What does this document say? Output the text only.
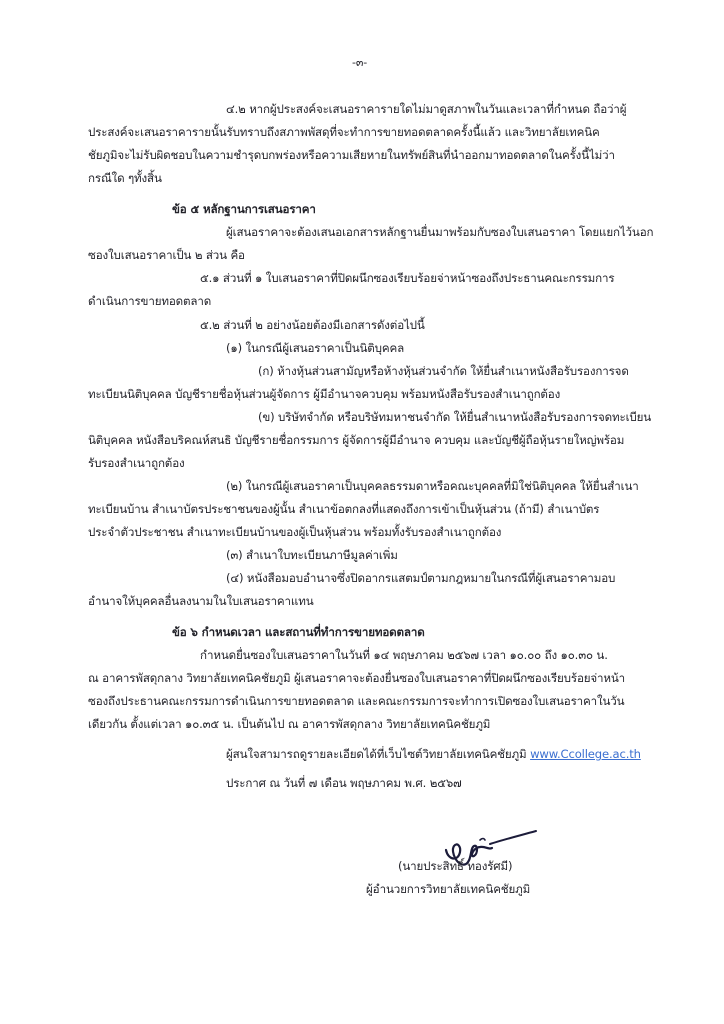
-๓-
๔.๒ หากผู้ประสงค์จะเสนอราคารายใดไม่มาดูสภาพในวันและเวลาที่กำหนด ถือว่าผู้
ประสงค์จะเสนอราคารายนั้นรับทราบถึงสภาพพัสดุที่จะทำการขายทอดตลาดครั้งนี้แล้ว และวิทยาลัยเทคนิค
ชัยภูมิจะไม่รับผิดชอบในความชำรุดบกพร่องหรือความเสียหายในทรัพย์สินที่นำออกมาทอดตลาดในครั้งนี้ไม่ว่า
กรณีใด ๆทั้งสิ้น
ข้อ ๕ หลักฐานการเสนอราคา
ผู้เสนอราคาจะต้องเสนอเอกสารหลักฐานยื่นมาพร้อมกับซองใบเสนอราคา โดยแยกไว้นอก
ซองใบเสนอราคาเป็น ๒ ส่วน คือ
๕.๑ ส่วนที่ ๑ ใบเสนอราคาที่ปิดผนึกซองเรียบร้อยจ่าหน้าซองถึงประธานคณะกรรมการ
ดำเนินการขายทอดตลาด
๕.๒ ส่วนที่ ๒ อย่างน้อยต้องมีเอกสารดังต่อไปนี้
(๑) ในกรณีผู้เสนอราคาเป็นนิติบุคคล
(ก) ห้างหุ้นส่วนสามัญหรือห้างหุ้นส่วนจำกัด ให้ยื่นสำเนาหนังสือรับรองการจด
ทะเบียนนิติบุคคล บัญชีรายชื่อหุ้นส่วนผู้จัดการ ผู้มีอำนาจควบคุม พร้อมหนังสือรับรองสำเนาถูกต้อง
(ข) บริษัทจำกัด หรือบริษัทมหาชนจำกัด ให้ยื่นสำเนาหนังสือรับรองการจดทะเบียน
นิติบุคคล หนังสือบริคณห์สนธิ บัญชีรายชื่อกรรมการ ผู้จัดการผู้มีอำนาจ ควบคุม และบัญชีผู้ถือหุ้นรายใหญ่พร้อม
รับรองสำเนาถูกต้อง
(๒) ในกรณีผู้เสนอราคาเป็นบุคคลธรรมดาหรือคณะบุคคลที่มิใช่นิติบุคคล ให้ยื่นสำเนา
ทะเบียนบ้าน สำเนาบัตรประชาชนของผู้นั้น สำเนาข้อตกลงที่แสดงถึงการเข้าเป็นหุ้นส่วน (ถ้ามี) สำเนาบัตร
ประจำตัวประชาชน สำเนาทะเบียนบ้านของผู้เป็นหุ้นส่วน พร้อมทั้งรับรองสำเนาถูกต้อง
(๓) สำเนาใบทะเบียนภาษีมูลค่าเพิ่ม
(๔) หนังสือมอบอำนาจซึ่งปิดอากรแสตมป์ตามกฎหมายในกรณีที่ผู้เสนอราคามอบ
อำนาจให้บุคคลอื่นลงนามในใบเสนอราคาแทน
ข้อ ๖ กำหนดเวลา และสถานที่ทำการขายทอดตลาด
กำหนดยื่นซองใบเสนอราคาในวันที่ ๑๔ พฤษภาคม ๒๕๖๗ เวลา ๑๐.๐๐ ถึง ๑๐.๓๐ น.
ณ อาคารพัสดุกลาง วิทยาลัยเทคนิคชัยภูมิ ผู้เสนอราคาจะต้องยื่นซองใบเสนอราคาที่ปิดผนึกซองเรียบร้อยจ่าหน้า
ซองถึงประธานคณะกรรมการดำเนินการขายทอดตลาด และคณะกรรมการจะทำการเปิดซองใบเสนอราคาในวัน
เดียวกัน ตั้งแต่เวลา ๑๐.๓๕ น. เป็นต้นไป ณ อาคารพัสดุกลาง วิทยาลัยเทคนิคชัยภูมิ
ผู้สนใจสามารถดูรายละเอียดได้ที่เว็บไซต์วิทยาลัยเทคนิคชัยภูมิ www.Ccollege.ac.th
ประกาศ ณ วันที่ ๗ เดือน พฤษภาคม พ.ศ. ๒๕๖๗
(นายประสิทธิ์ ทองรัศมี)
ผู้อำนวยการวิทยาลัยเทคนิคชัยภูมิ
